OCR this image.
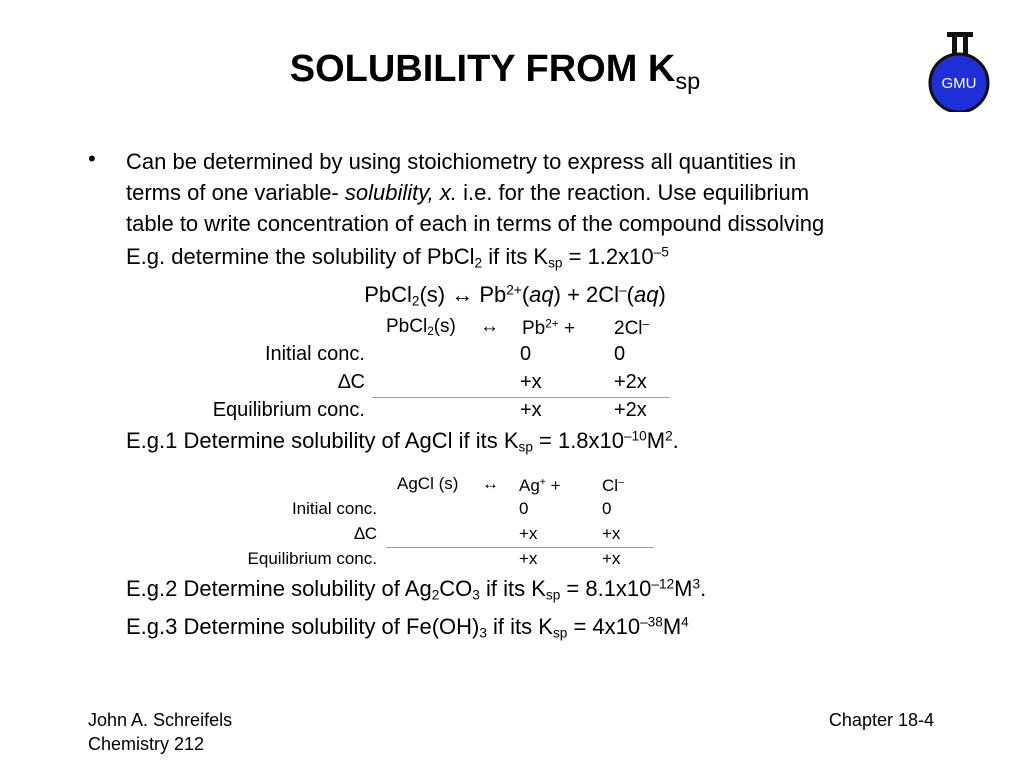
SOLUBILITY FROM $K_{sp}$	GMU
• Can be determined by using stoichiometry to express all quantities in
terms of one variable- solubility, x. i.e. for the reaction. Use equilibrium
table to write concentration of each in terms of the compound dissolving
E.g. determine the solubility of PbCl$_2$ if its $K_{sp} = 1.2x10^{-5}$
PbCl$_2$(s) ↔ $Pb^{2+}(aq) + 2Cl^-(aq)$
PbCl$_2$(s) ↔ $Pb^{2+} + 2Cl^-$
Initial conc.	0	0
∆C	+x	+2x
Equilibrium conc.	+x	+2x
E.g.1 Determine solubility of AgCl if its $K_{sp} = 1.8x10^{-10}M^2$.
AgCl (s) ↔ Ag+ + Cl–
Initial conc.	0	0
∆C	+x	+x
Equilibrium conc.	+x	+x
E.g.2 Determine solubility of $Ag_2CO_3$ if its $K_{sp} = 8.1x10^{-12}M^3$.
E.g.3 Determine solubility of $Fe(OH)_3$ if its $K_{sp} = 4x10^{-38}M^4$
John A. Schreifels
Chemistry 212
Chapter 18-4
